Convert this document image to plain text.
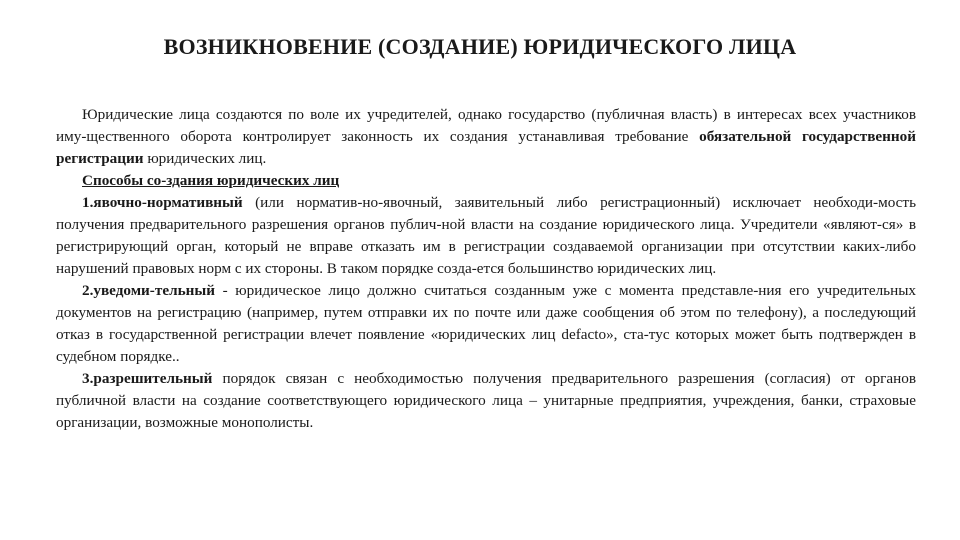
ВОЗНИКНОВЕНИЕ (СОЗДАНИЕ) ЮРИДИЧЕСКОГО ЛИЦА

Юридические лица создаются по воле их учредителей, однако государство (публичная власть) в интересах всех участников иму-щественного оборота контролирует законность их создания устанавливая требование обязательной государственной регистрации юридических лиц.

Способы со-здания юридических лиц

1.явочно-нормативный (или норматив-но-явочный, заявительный либо регистрационный) исключает необходи-мость получения предварительного разрешения органов публич-ной власти на создание юридического лица. Учредители «являют-ся» в регистрирующий орган, который не вправе отказать им в регистрации создаваемой организации при отсутствии каких-либо нарушений правовых норм с их стороны. В таком порядке созда-ется большинство юридических лиц.

2.уведоми-тельный - юридическое лицо должно считаться созданным уже с момента представле-ния его учредительных документов на регистрацию (например, путем отправки их по почте или даже сообщения об этом по телефону), а последующий отказ в государственной регистрации влечет появление «юридических лиц defacto», ста-тус которых может быть подтвержден в судебном порядке..

3.разрешительный порядок связан с необходимостью получения предварительного разрешения (согласия) от органов публичной власти на создание соответствующего юридического лица – унитарные предприятия, учреждения, банки, страховые организации, возможные монополисты.
